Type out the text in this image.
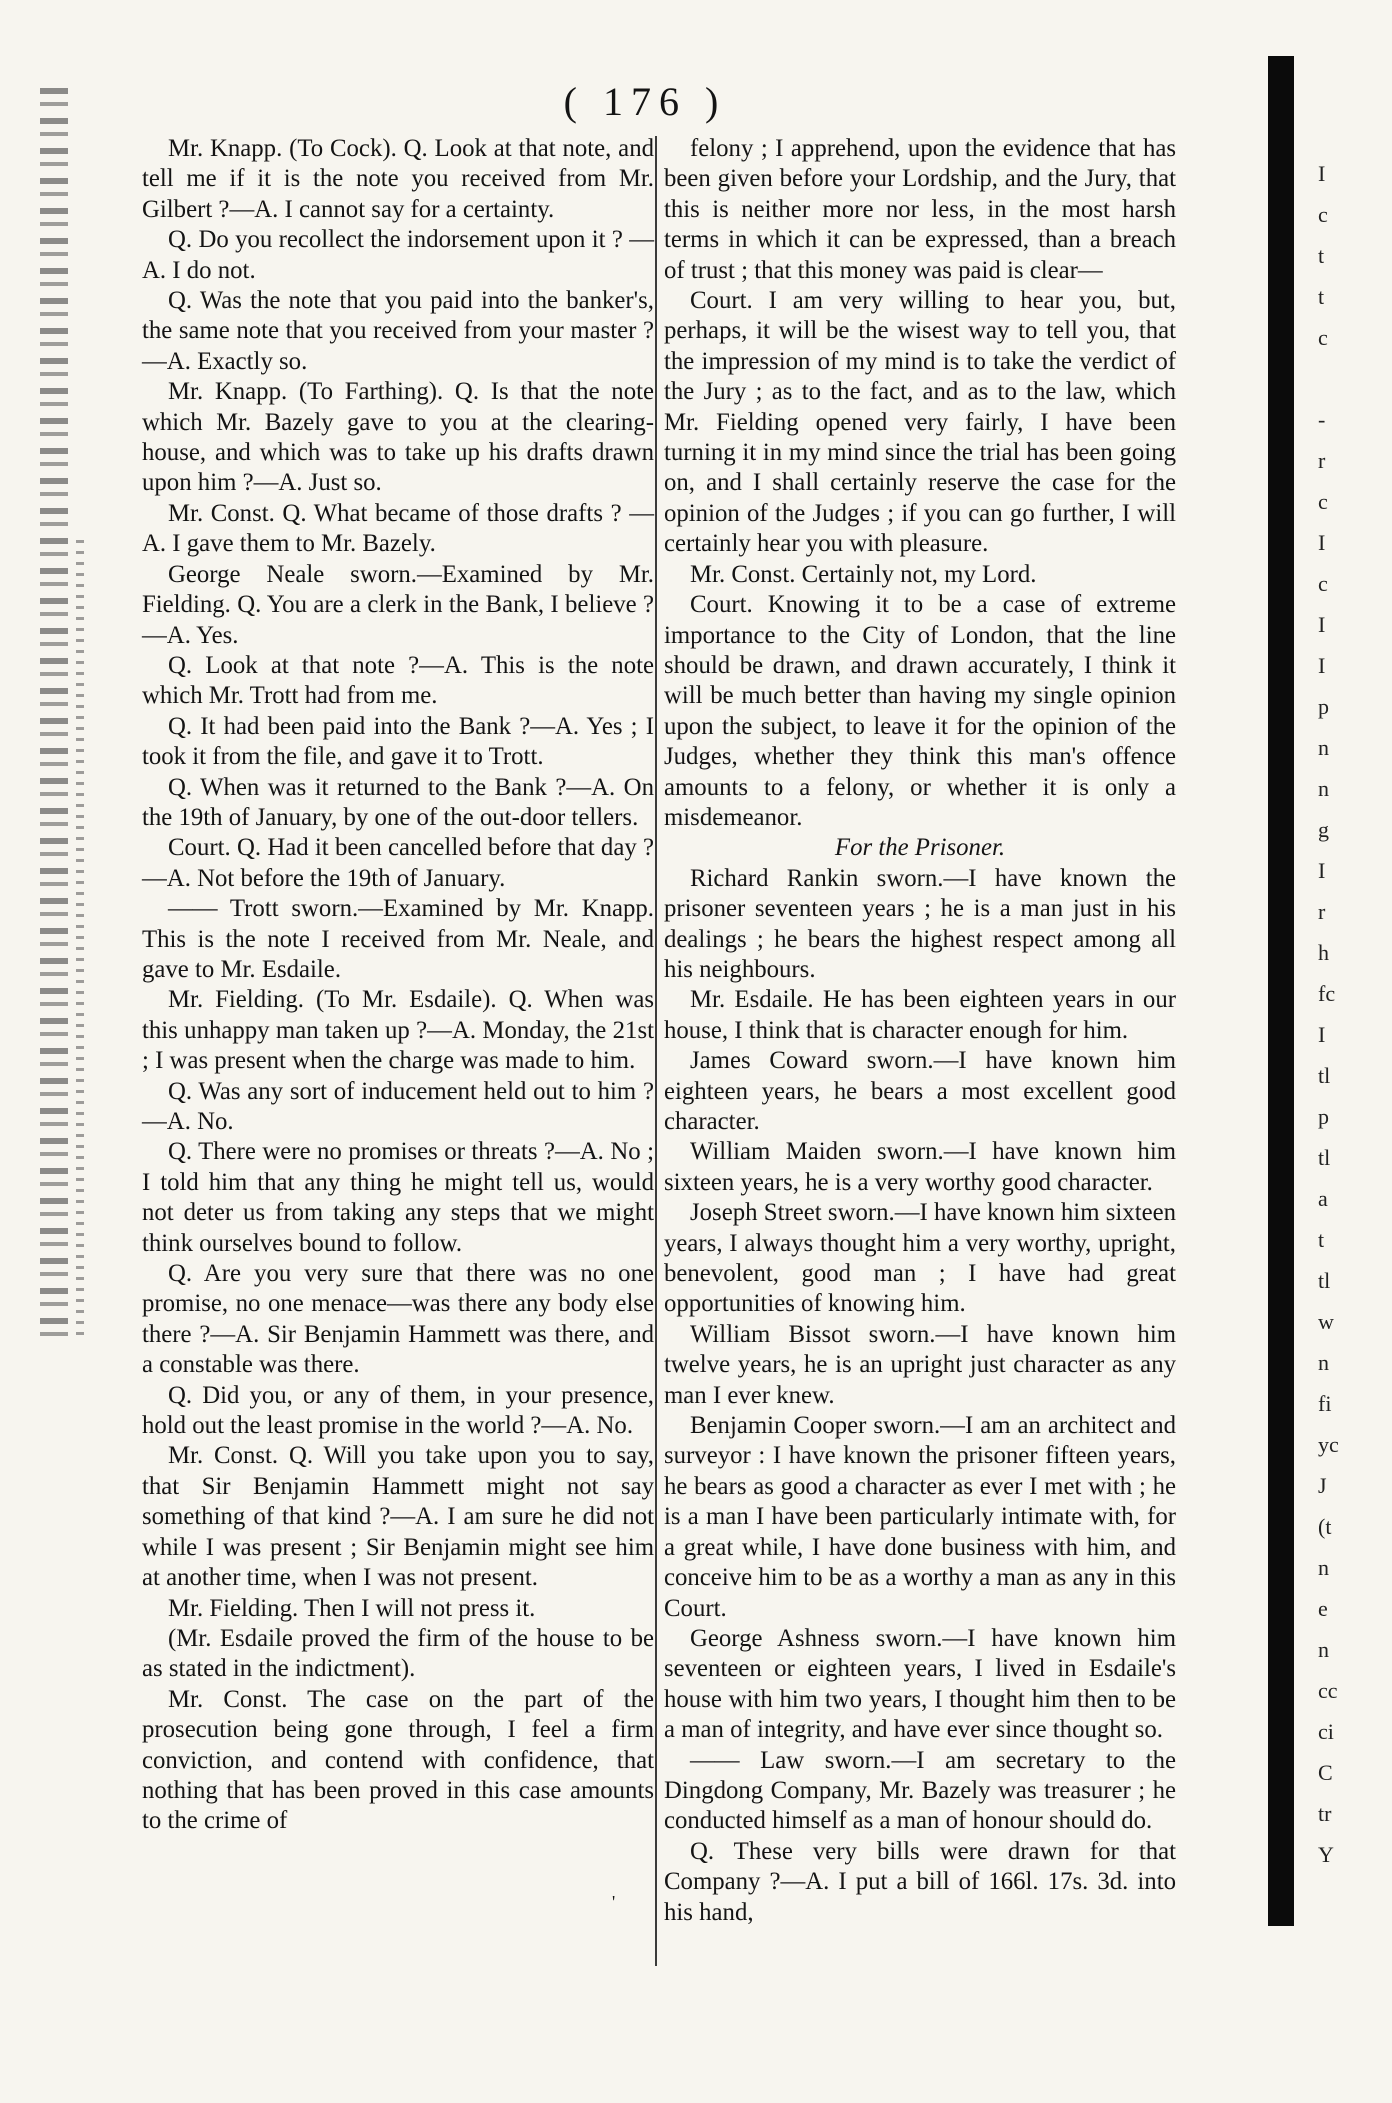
( 176 )

Mr. Knapp. (To Cock). Q. Look at that note, and tell me if it is the note you received from Mr. Gilbert ?—A. I cannot say for a certainty.

Q. Do you recollect the indorsement upon it ? —A. I do not.

Q. Was the note that you paid into the banker's, the same note that you received from your master ? —A. Exactly so.

Mr. Knapp. (To Farthing). Q. Is that the note which Mr. Bazely gave to you at the clearing-house, and which was to take up his drafts drawn upon him ?—A. Just so.

Mr. Const. Q. What became of those drafts ? —A. I gave them to Mr. Bazely.

George Neale sworn.—Examined by Mr. Fielding. Q. You are a clerk in the Bank, I believe ?—A. Yes.

Q. Look at that note ?—A. This is the note which Mr. Trott had from me.

Q. It had been paid into the Bank ?—A. Yes ; I took it from the file, and gave it to Trott.

Q. When was it returned to the Bank ?—A. On the 19th of January, by one of the out-door tellers.

Court. Q. Had it been cancelled before that day ?—A. Not before the 19th of January.

—— Trott sworn.—Examined by Mr. Knapp. This is the note I received from Mr. Neale, and gave to Mr. Esdaile.

Mr. Fielding. (To Mr. Esdaile). Q. When was this unhappy man taken up ?—A. Monday, the 21st ; I was present when the charge was made to him.

Q. Was any sort of inducement held out to him ? —A. No.

Q. There were no promises or threats ?—A. No ; I told him that any thing he might tell us, would not deter us from taking any steps that we might think ourselves bound to follow.

Q. Are you very sure that there was no one promise, no one menace—was there any body else there ?—A. Sir Benjamin Hammett was there, and a constable was there.

Q. Did you, or any of them, in your presence, hold out the least promise in the world ?—A. No.

Mr. Const. Q. Will you take upon you to say, that Sir Benjamin Hammett might not say something of that kind ?—A. I am sure he did not while I was present ; Sir Benjamin might see him at another time, when I was not present.

Mr. Fielding. Then I will not press it.

(Mr. Esdaile proved the firm of the house to be as stated in the indictment).

Mr. Const. The case on the part of the prosecution being gone through, I feel a firm conviction, and contend with confidence, that nothing that has been proved in this case amounts to the crime of

felony ; I apprehend, upon the evidence that has been given before your Lordship, and the Jury, that this is neither more nor less, in the most harsh terms in which it can be expressed, than a breach of trust ; that this money was paid is clear—

Court. I am very willing to hear you, but, perhaps, it will be the wisest way to tell you, that the impression of my mind is to take the verdict of the Jury ; as to the fact, and as to the law, which Mr. Fielding opened very fairly, I have been turning it in my mind since the trial has been going on, and I shall certainly reserve the case for the opinion of the Judges ; if you can go further, I will certainly hear you with pleasure.

Mr. Const. Certainly not, my Lord.

Court. Knowing it to be a case of extreme importance to the City of London, that the line should be drawn, and drawn accurately, I think it will be much better than having my single opinion upon the subject, to leave it for the opinion of the Judges, whether they think this man's offence amounts to a felony, or whether it is only a misdemeanor.

For the Prisoner.

Richard Rankin sworn.—I have known the prisoner seventeen years ; he is a man just in his dealings ; he bears the highest respect among all his neighbours.

Mr. Esdaile. He has been eighteen years in our house, I think that is character enough for him.

James Coward sworn.—I have known him eighteen years, he bears a most excellent good character.

William Maiden sworn.—I have known him sixteen years, he is a very worthy good character.

Joseph Street sworn.—I have known him sixteen years, I always thought him a very worthy, upright, benevolent, good man ; I have had great opportunities of knowing him.

William Bissot sworn.—I have known him twelve years, he is an upright just character as any man I ever knew.

Benjamin Cooper sworn.—I am an architect and surveyor : I have known the prisoner fifteen years, he bears as good a character as ever I met with ; he is a man I have been particularly intimate with, for a great while, I have done business with him, and conceive him to be as a worthy a man as any in this Court.

George Ashness sworn.—I have known him seventeen or eighteen years, I lived in Esdaile's house with him two years, I thought him then to be a man of integrity, and have ever since thought so.

—— Law sworn.—I am secretary to the Dingdong Company, Mr. Bazely was treasurer ; he conducted himself as a man of honour should do.

Q. These very bills were drawn for that Company ?—A. I put a bill of 166l. 17s. 3d. into his hand,

I
c
t
t
c
-
r
c
I
c
I
I
p
n
n
g
I
r
h
fc
I
tl
p
tl
a
t
tl
w
n
fi
yc
J
(t
n
e
n
cc
ci
C
tr
Y
'
